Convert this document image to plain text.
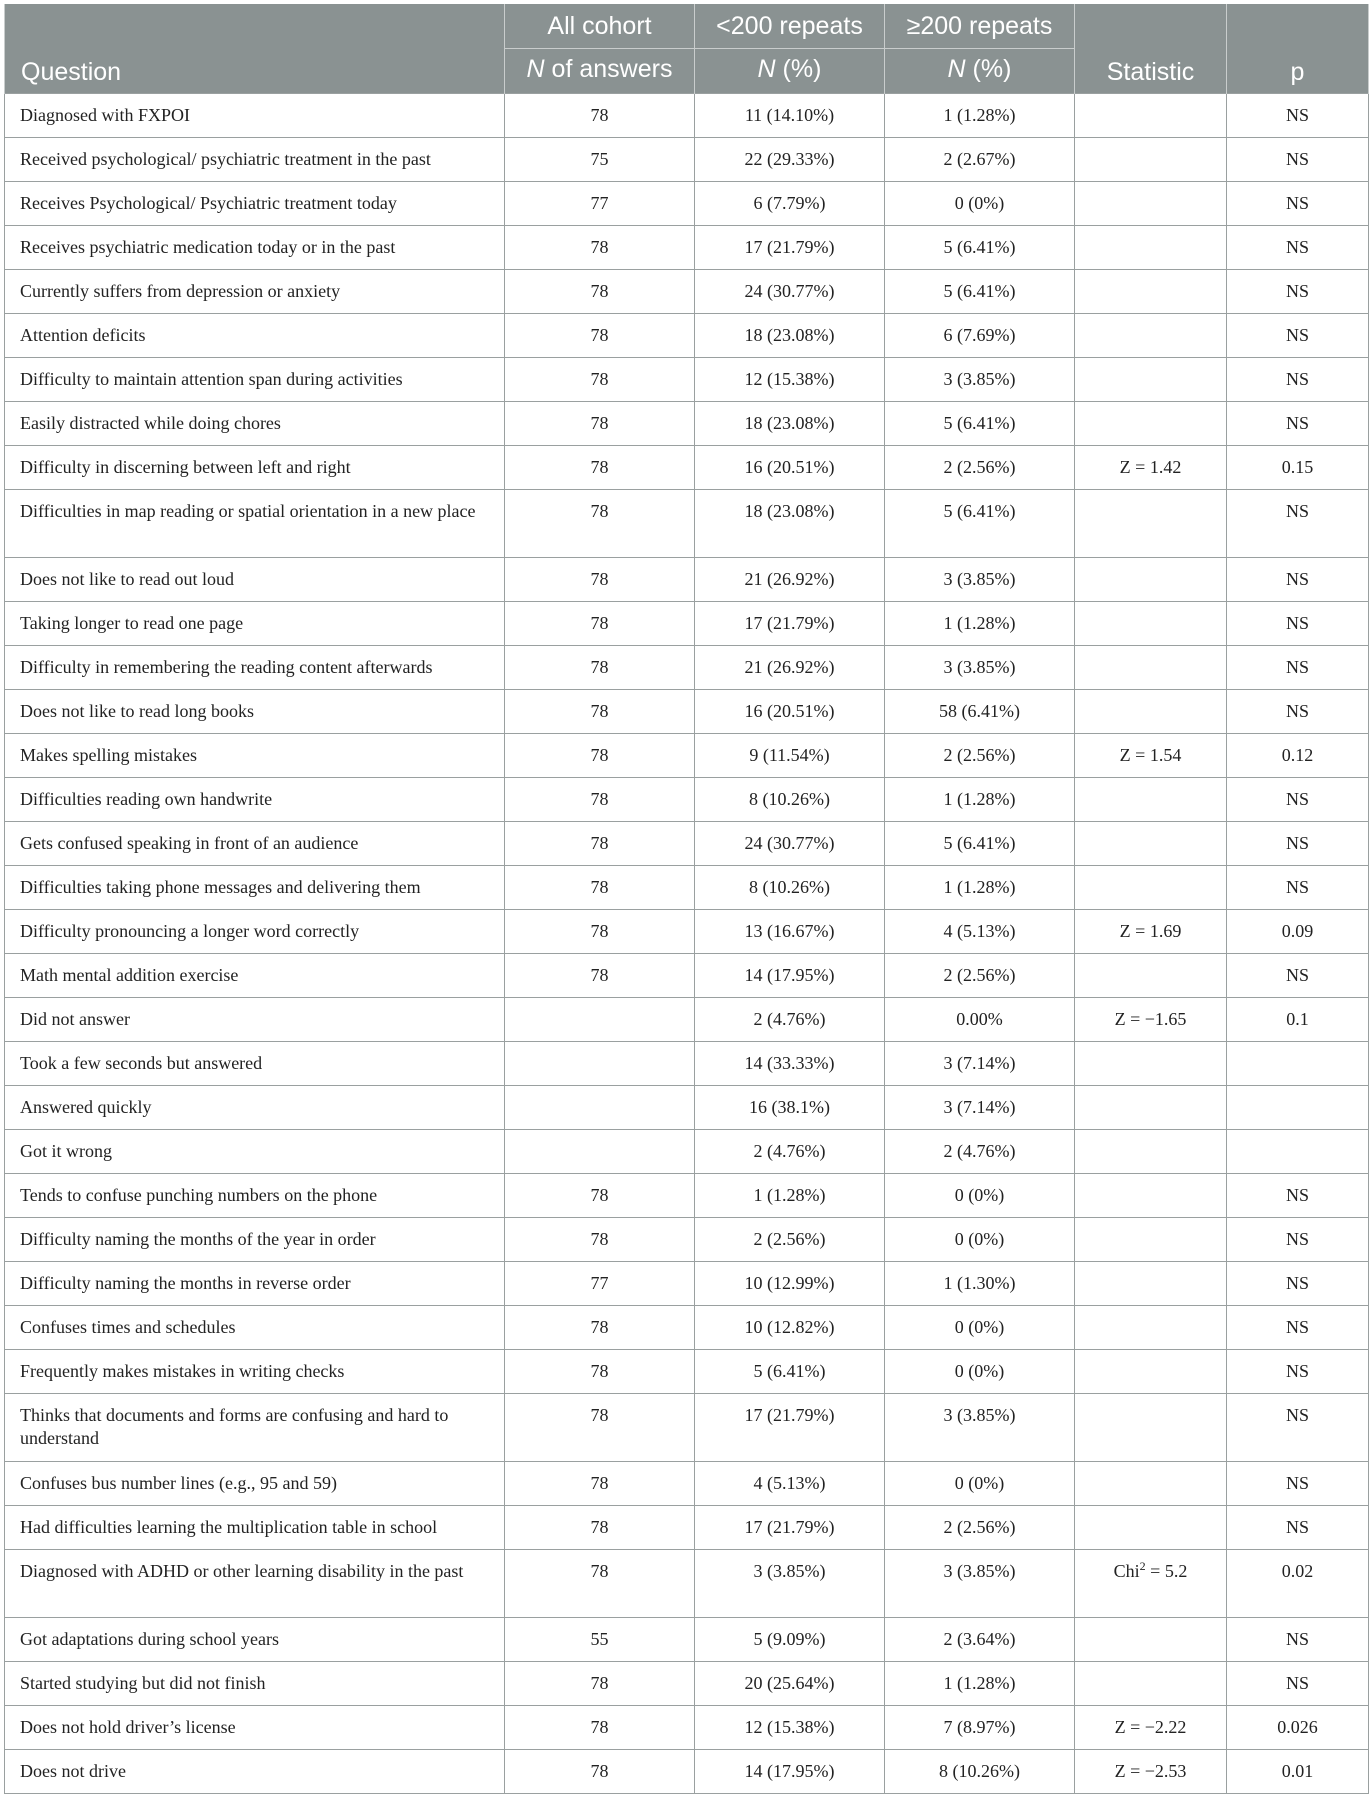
Question	All cohort	<200 repeats	≥200 repeats	Statistic	p
	N of answers	N (%)	N (%)		
Diagnosed with FXPOI	78	11 (14.10%)	1 (1.28%)		NS
Received psychological/ psychiatric treatment in the past	75	22 (29.33%)	2 (2.67%)		NS
Receives Psychological/ Psychiatric treatment today	77	6 (7.79%)	0 (0%)		NS
Receives psychiatric medication today or in the past	78	17 (21.79%)	5 (6.41%)		NS
Currently suffers from depression or anxiety	78	24 (30.77%)	5 (6.41%)		NS
Attention deficits	78	18 (23.08%)	6 (7.69%)		NS
Difficulty to maintain attention span during activities	78	12 (15.38%)	3 (3.85%)		NS
Easily distracted while doing chores	78	18 (23.08%)	5 (6.41%)		NS
Difficulty in discerning between left and right	78	16 (20.51%)	2 (2.56%)	Z = 1.42	0.15
Difficulties in map reading or spatial orientation in a new place	78	18 (23.08%)	5 (6.41%)		NS
Does not like to read out loud	78	21 (26.92%)	3 (3.85%)		NS
Taking longer to read one page	78	17 (21.79%)	1 (1.28%)		NS
Difficulty in remembering the reading content afterwards	78	21 (26.92%)	3 (3.85%)		NS
Does not like to read long books	78	16 (20.51%)	58 (6.41%)		NS
Makes spelling mistakes	78	9 (11.54%)	2 (2.56%)	Z = 1.54	0.12
Difficulties reading own handwrite	78	8 (10.26%)	1 (1.28%)		NS
Gets confused speaking in front of an audience	78	24 (30.77%)	5 (6.41%)		NS
Difficulties taking phone messages and delivering them	78	8 (10.26%)	1 (1.28%)		NS
Difficulty pronouncing a longer word correctly	78	13 (16.67%)	4 (5.13%)	Z = 1.69	0.09
Math mental addition exercise	78	14 (17.95%)	2 (2.56%)		NS
Did not answer		2 (4.76%)	0.00%	Z = −1.65	0.1
Took a few seconds but answered		14 (33.33%)	3 (7.14%)		
Answered quickly		16 (38.1%)	3 (7.14%)		
Got it wrong		2 (4.76%)	2 (4.76%)		
Tends to confuse punching numbers on the phone	78	1 (1.28%)	0 (0%)		NS
Difficulty naming the months of the year in order	78	2 (2.56%)	0 (0%)		NS
Difficulty naming the months in reverse order	77	10 (12.99%)	1 (1.30%)		NS
Confuses times and schedules	78	10 (12.82%)	0 (0%)		NS
Frequently makes mistakes in writing checks	78	5 (6.41%)	0 (0%)		NS
Thinks that documents and forms are confusing and hard to understand	78	17 (21.79%)	3 (3.85%)		NS
Confuses bus number lines (e.g., 95 and 59)	78	4 (5.13%)	0 (0%)		NS
Had difficulties learning the multiplication table in school	78	17 (21.79%)	2 (2.56%)		NS
Diagnosed with ADHD or other learning disability in the past	78	3 (3.85%)	3 (3.85%)	Chi$^2$ = 5.2	0.02
Got adaptations during school years	55	5 (9.09%)	2 (3.64%)		NS
Started studying but did not finish	78	20 (25.64%)	1 (1.28%)		NS
Does not hold driver’s license	78	12 (15.38%)	7 (8.97%)	Z = −2.22	0.026
Does not drive	78	14 (17.95%)	8 (10.26%)	Z = −2.53	0.01
